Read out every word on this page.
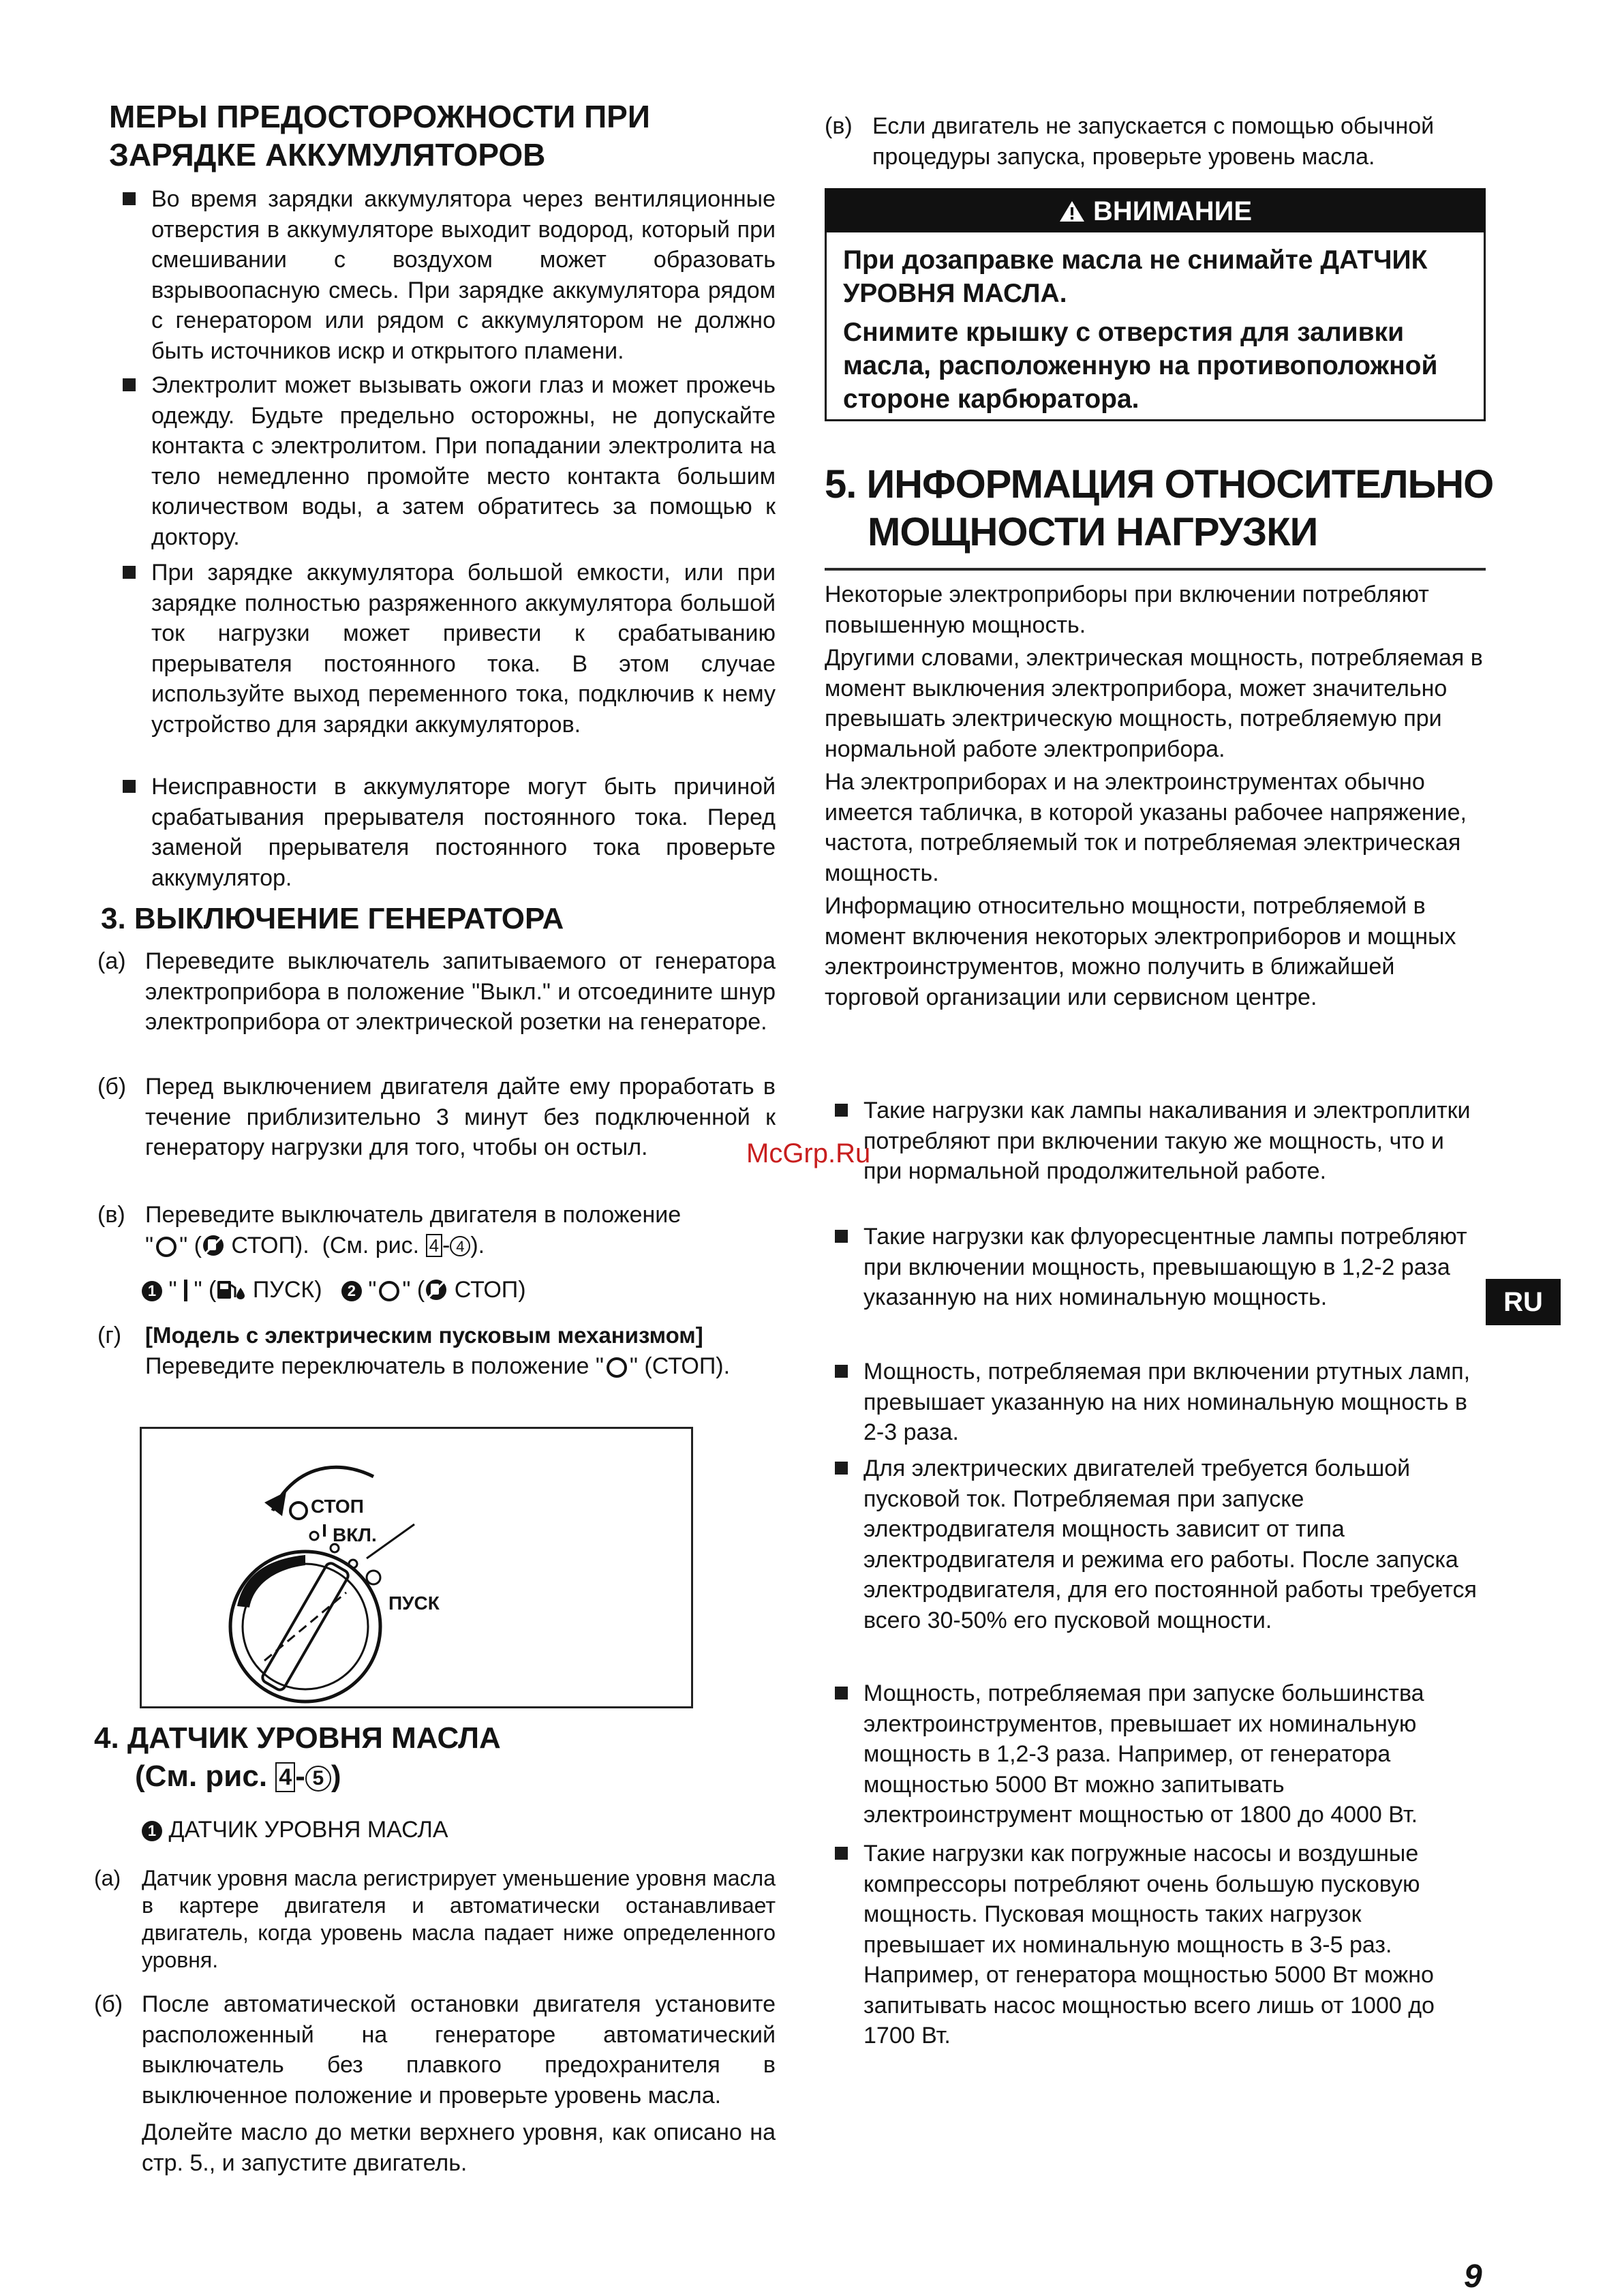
МЕРЫ ПРЕДОСТОРОЖНОСТИ ПРИ
ЗАРЯДКЕ АККУМУЛЯТОРОВ
Во время зарядки аккумулятора через вентиляционные отверстия в аккумуляторе выходит водород, который при смешивании с воздухом может образовать взрывоопасную смесь. При зарядке аккумулятора рядом с генератором или рядом с аккумулятором не должно быть источников искр и открытого пламени.
Электролит может вызывать ожоги глаз и может прожечь одежду. Будьте предельно осторожны, не допускайте контакта с электролитом. При попадании электролита на тело немедленно промойте место контакта большим количеством воды, а затем обратитесь за помощью к доктору.
При зарядке аккумулятора большой емкости, или при зарядке полностью разряженного аккумулятора большой ток нагрузки может привести к срабатыванию прерывателя постоянного тока. В этом случае используйте выход переменного тока, подключив к нему устройство для зарядки аккумуляторов.
Неисправности в аккумуляторе могут быть причиной срабатывания прерывателя постоянного тока. Перед заменой прерывателя постоянного тока проверьте аккумулятор.
3. ВЫКЛЮЧЕНИЕ ГЕНЕРАТОРА
(а) Переведите выключатель запитываемого от генератора электроприбора в положение "Выкл." и отсоедините шнур электроприбора от электрической розетки на генераторе.
(б) Перед выключением двигателя дайте ему проработать в течение приблизительно 3 минут без подключенной к генератору нагрузки для того, чтобы он остыл.
(в) Переведите выключатель двигателя в положение
" " ( СТОП). (См. рис. 4 - 4 ).
1 " " ( ПУСК) 2 " " ( СТОП)
(г) [Модель с электрическим пусковым механизмом]
Переведите переключатель в положение " " (СТОП).
СТОП
ВКЛ.
ПУСК
4. ДАТЧИК УРОВНЯ МАСЛА
(См. рис. 4 - 5 )
1 ДАТЧИК УРОВНЯ МАСЛА
(а) Датчик уровня масла регистрирует уменьшение уровня масла в картере двигателя и автоматически останавливает двигатель, когда уровень масла падает ниже определенного уровня.
(б) После автоматической остановки двигателя установите расположенный на генераторе автоматический выключатель без плавкого предохранителя в выключенное положение и проверьте уровень масла.
Долейте масло до метки верхнего уровня, как описано на стр. 5., и запустите двигатель.
(в) Если двигатель не запускается с помощью обычной процедуры запуска, проверьте уровень масла.
ВНИМАНИЕ

При дозаправке масла не снимайте ДАТЧИК УРОВНЯ МАСЛА.

Снимите крышку с отверстия для заливки масла, расположенную на противоположной стороне карбюратора.

5. ИНФОРМАЦИЯ ОТНОСИТЕЛЬНО
МОЩНОСТИ НАГРУЗКИ

Некоторые электроприборы при включении потребляют повышенную мощность.

Другими словами, электрическая мощность, потребляемая в момент выключения электроприбора, может значительно превышать электрическую мощность, потребляемую при нормальной работе электроприбора.

На электроприборах и на электроинструментах обычно имеется табличка, в которой указаны рабочее напряжение, частота, потребляемый ток и потребляемая электрическая мощность.

Информацию относительно мощности, потребляемой в момент включения некоторых электроприборов и мощных электроинструментов, можно получить в ближайшей торговой организации или сервисном центре.

Такие нагрузки как лампы накаливания и электроплитки потребляют при включении такую же мощность, что и при нормальной продолжительной работе.
Такие нагрузки как флуоресцентные лампы потребляют при включении мощность, превышающую в 1,2-2 раза указанную на них номинальную мощность.
Мощность, потребляемая при включении ртутных ламп, превышает указанную на них номинальную мощность в 2-3 раза.
Для электрических двигателей требуется большой пусковой ток. Потребляемая при запуске электродвигателя мощность зависит от типа электродвигателя и режима его работы. После запуска электродвигателя, для его постоянной работы требуется всего 30-50% его пусковой мощности.
Мощность, потребляемая при запуске большинства электроинструментов, превышает их номинальную мощность в 1,2-3 раза. Например, от генератора мощностью 5000 Вт можно запитывать электроинструмент мощностью от 1800 до 4000 Вт.
Такие нагрузки как погружные насосы и воздушные компрессоры потребляют очень большую пусковую мощность. Пусковая мощность таких нагрузок превышает их номинальную мощность в 3-5 раз. Например, от генератора мощностью 5000 Вт можно запитывать насос мощностью всего лишь от 1000 до 1700 Вт.
RU
McGrp.Ru
9
